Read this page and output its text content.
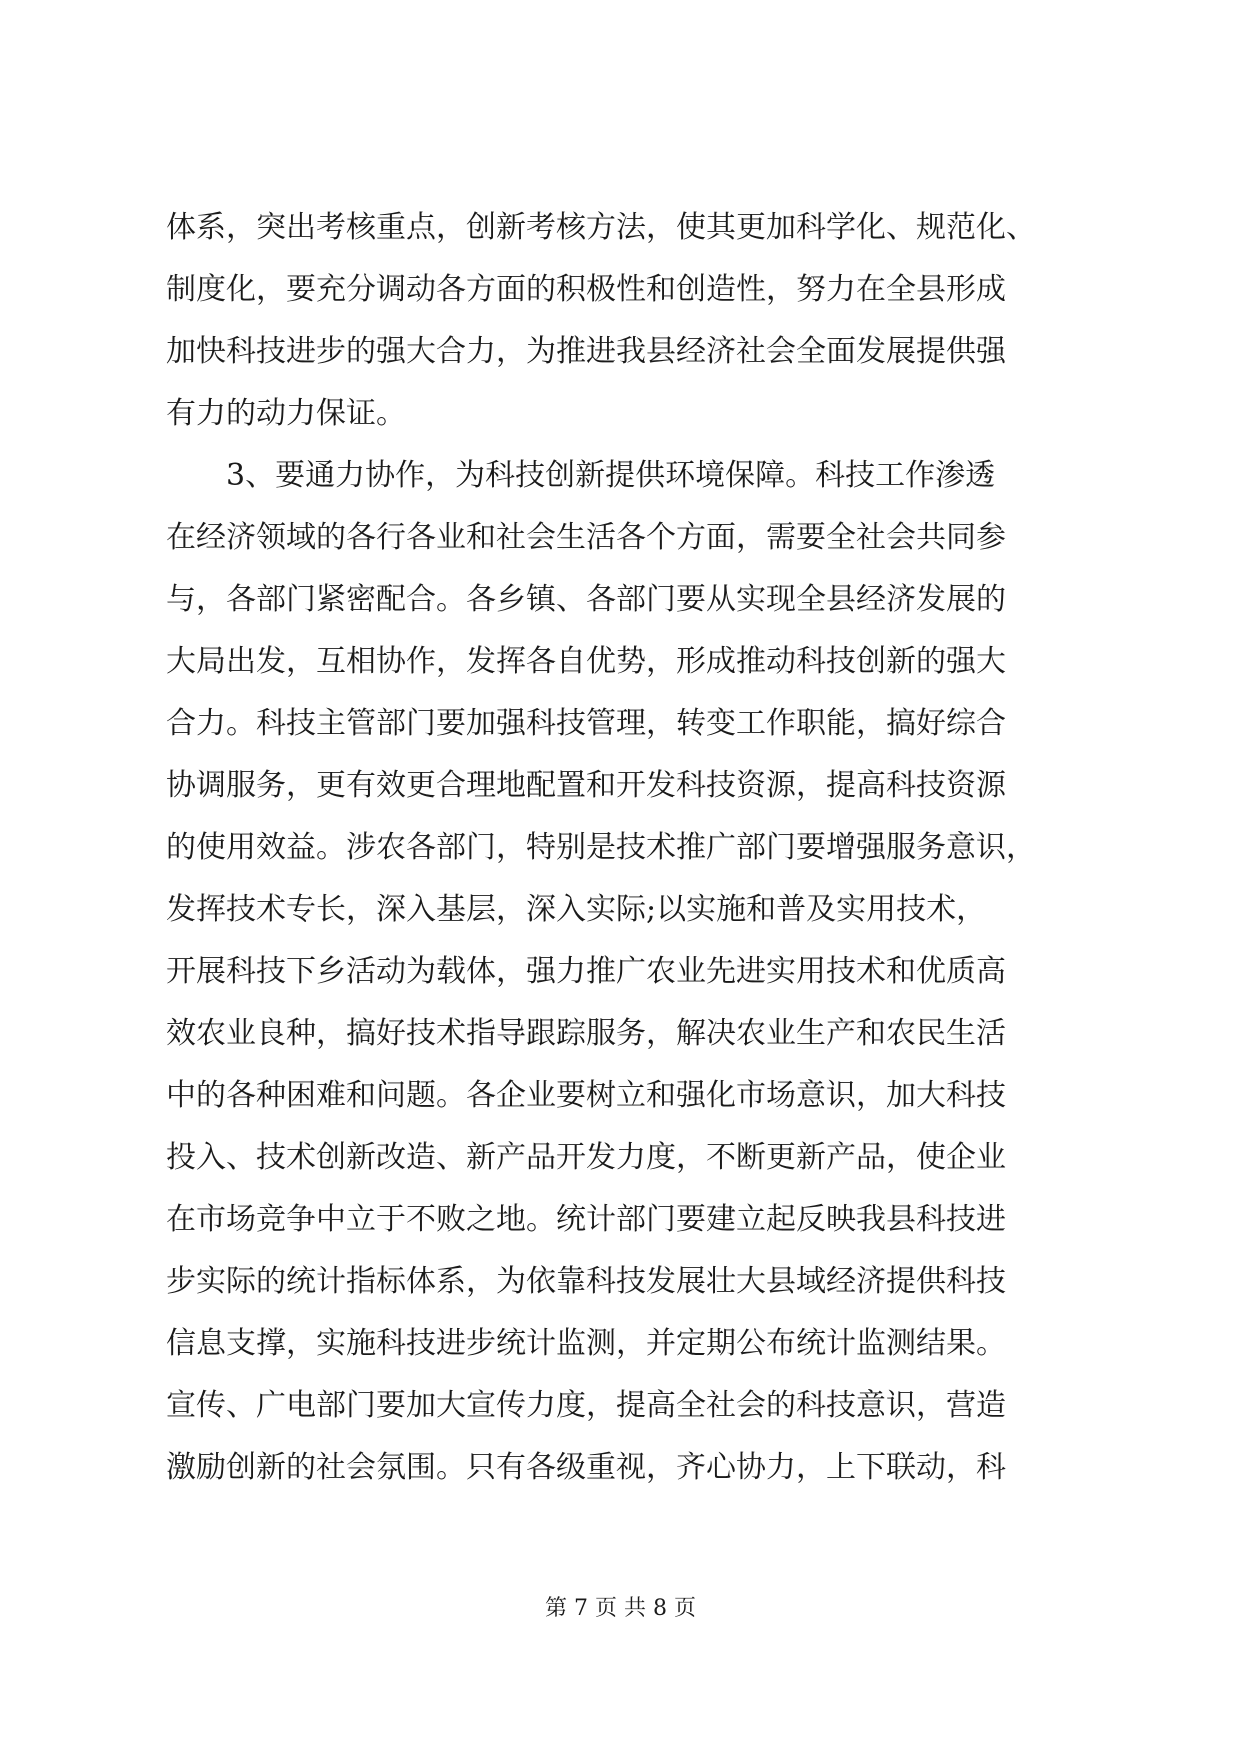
体系，突出考核重点，创新考核方法，使其更加科学化、规范化、
制度化，要充分调动各方面的积极性和创造性，努力在全县形成
加快科技进步的强大合力，为推进我县经济社会全面发展提供强
有力的动力保证。
　　3、要通力协作，为科技创新提供环境保障。科技工作渗透
在经济领域的各行各业和社会生活各个方面，需要全社会共同参
与，各部门紧密配合。各乡镇、各部门要从实现全县经济发展的
大局出发，互相协作，发挥各自优势，形成推动科技创新的强大
合力。科技主管部门要加强科技管理，转变工作职能，搞好综合
协调服务，更有效更合理地配置和开发科技资源，提高科技资源
的使用效益。涉农各部门，特别是技术推广部门要增强服务意识，
发挥技术专长，深入基层，深入实际;以实施和普及实用技术，
开展科技下乡活动为载体，强力推广农业先进实用技术和优质高
效农业良种，搞好技术指导跟踪服务，解决农业生产和农民生活
中的各种困难和问题。各企业要树立和强化市场意识，加大科技
投入、技术创新改造、新产品开发力度，不断更新产品，使企业
在市场竞争中立于不败之地。统计部门要建立起反映我县科技进
步实际的统计指标体系，为依靠科技发展壮大县域经济提供科技
信息支撑，实施科技进步统计监测，并定期公布统计监测结果。
宣传、广电部门要加大宣传力度，提高全社会的科技意识，营造
激励创新的社会氛围。只有各级重视，齐心协力，上下联动，科
第 7 页 共 8 页
